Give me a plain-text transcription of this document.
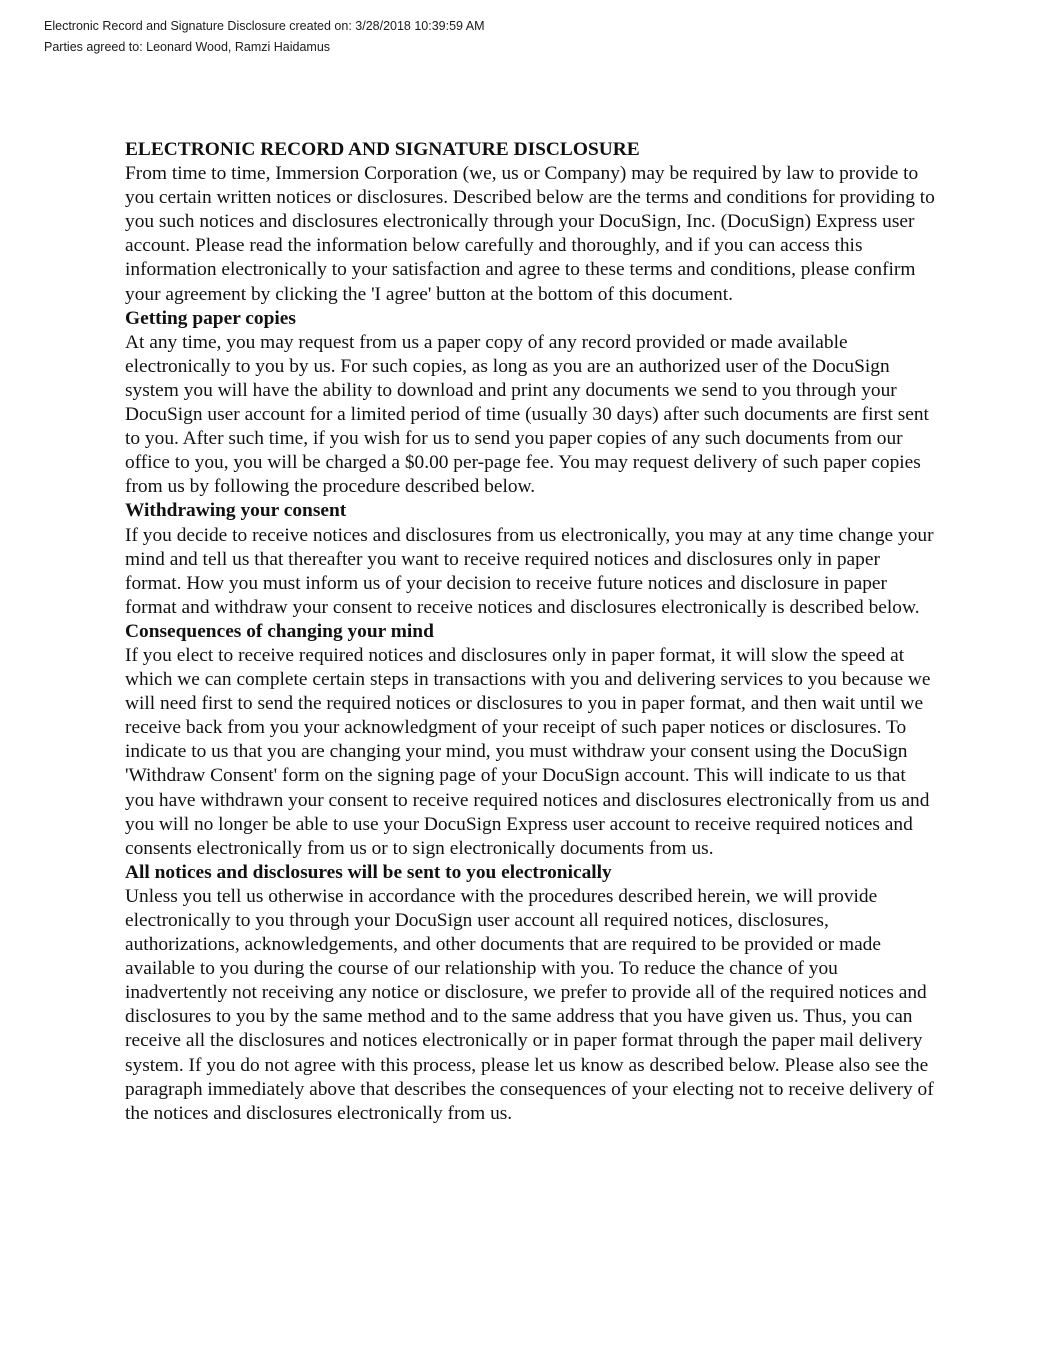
Electronic Record and Signature Disclosure created on: 3/28/2018 10:39:59 AM
Parties agreed to: Leonard Wood, Ramzi Haidamus
ELECTRONIC RECORD AND SIGNATURE DISCLOSURE

From time to time, Immersion Corporation (we, us or Company) may be required by law to provide to you certain written notices or disclosures. Described below are the terms and conditions for providing to you such notices and disclosures electronically through your DocuSign, Inc. (DocuSign) Express user account. Please read the information below carefully and thoroughly, and if you can access this information electronically to your satisfaction and agree to these terms and conditions, please confirm your agreement by clicking the 'I agree' button at the bottom of this document.

Getting paper copies

At any time, you may request from us a paper copy of any record provided or made available electronically to you by us. For such copies, as long as you are an authorized user of the DocuSign system you will have the ability to download and print any documents we send to you through your DocuSign user account for a limited period of time (usually 30 days) after such documents are first sent to you. After such time, if you wish for us to send you paper copies of any such documents from our office to you, you will be charged a $0.00 per-page fee. You may request delivery of such paper copies from us by following the procedure described below.

Withdrawing your consent

If you decide to receive notices and disclosures from us electronically, you may at any time change your mind and tell us that thereafter you want to receive required notices and disclosures only in paper format. How you must inform us of your decision to receive future notices and disclosure in paper format and withdraw your consent to receive notices and disclosures electronically is described below.

Consequences of changing your mind

If you elect to receive required notices and disclosures only in paper format, it will slow the speed at which we can complete certain steps in transactions with you and delivering services to you because we will need first to send the required notices or disclosures to you in paper format, and then wait until we receive back from you your acknowledgment of your receipt of such paper notices or disclosures. To indicate to us that you are changing your mind, you must withdraw your consent using the DocuSign 'Withdraw Consent' form on the signing page of your DocuSign account. This will indicate to us that you have withdrawn your consent to receive required notices and disclosures electronically from us and you will no longer be able to use your DocuSign Express user account to receive required notices and consents electronically from us or to sign electronically documents from us.

All notices and disclosures will be sent to you electronically

Unless you tell us otherwise in accordance with the procedures described herein, we will provide electronically to you through your DocuSign user account all required notices, disclosures, authorizations, acknowledgements, and other documents that are required to be provided or made available to you during the course of our relationship with you. To reduce the chance of you inadvertently not receiving any notice or disclosure, we prefer to provide all of the required notices and disclosures to you by the same method and to the same address that you have given us. Thus, you can receive all the disclosures and notices electronically or in paper format through the paper mail delivery system. If you do not agree with this process, please let us know as described below. Please also see the paragraph immediately above that describes the consequences of your electing not to receive delivery of the notices and disclosures electronically from us.
